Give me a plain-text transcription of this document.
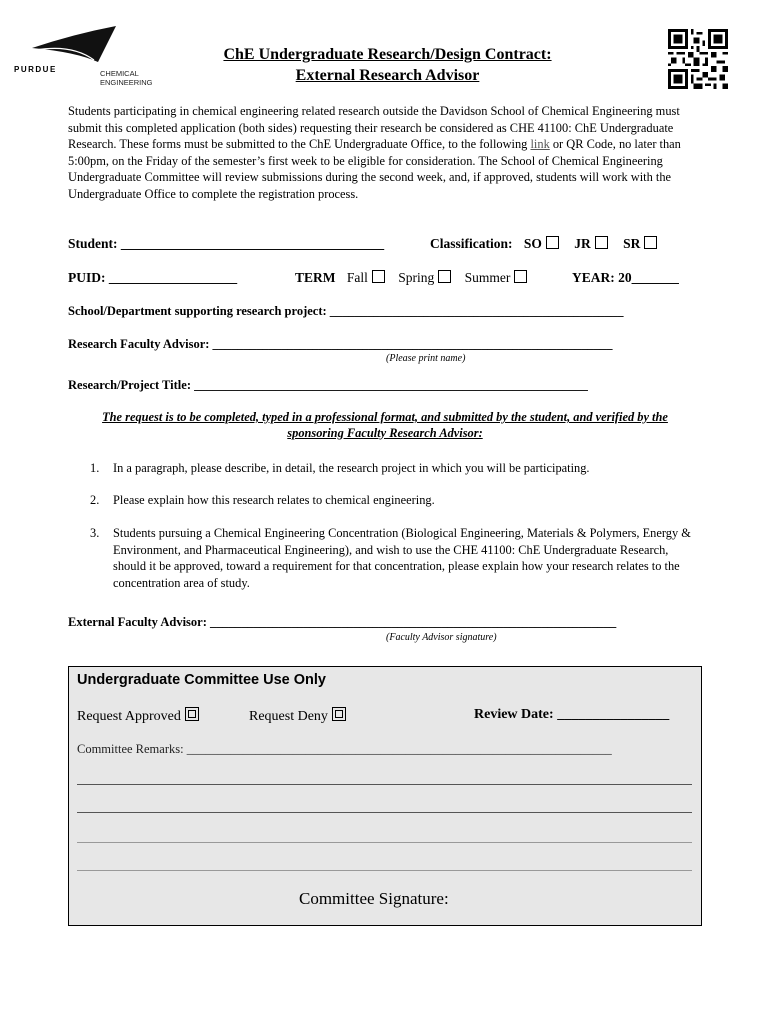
PURDUE	CHEMICAL
ENGINEERING
ChE Undergraduate Research/Design Contract:
External Research Advisor
Students participating in chemical engineering related research outside the Davidson School of Chemical Engineering must submit this completed application (both sides) requesting their research be considered as CHE 41100: ChE Undergraduate Research. These forms must be submitted to the ChE Undergraduate Office, to the following link or QR Code, no later than 5:00pm, on the Friday of the semester’s first week to be eligible for consideration. The School of Chemical Engineering Undergraduate Committee will review submissions during the second week, and, if approved, students will work with the Undergraduate Office to complete the registration process.
Student: _______________________________________	Classification: SO JR SR
PUID: ___________________	TERM Fall Spring Summer	YEAR: 20_______
School/Department supporting research project: _______________________________________________
Research Faculty Advisor: ________________________________________________________________
(Please print name)
Research/Project Title: _______________________________________________________________
The request is to be completed, typed in a professional format, and submitted by the student, and verified by the
sponsoring Faculty Research Advisor:
1. In a paragraph, please describe, in detail, the research project in which you will be participating.
2. Please explain how this research relates to chemical engineering.
3. Students pursuing a Chemical Engineering Concentration (Biological Engineering, Materials & Polymers, Energy & Environment, and Pharmaceutical Engineering), and wish to use the CHE 41100: ChE Undergraduate Research, should it be approved, toward a requirement for that concentration, please explain how your research relates to the concentration area of study.
External Faculty Advisor: _________________________________________________________________
(Faculty Advisor signature)
Undergraduate Committee Use Only
Request Approved	Request Deny	Review Date: ________________
Committee Remarks: ____________________________________________________________________
Committee Signature: _______________________________
